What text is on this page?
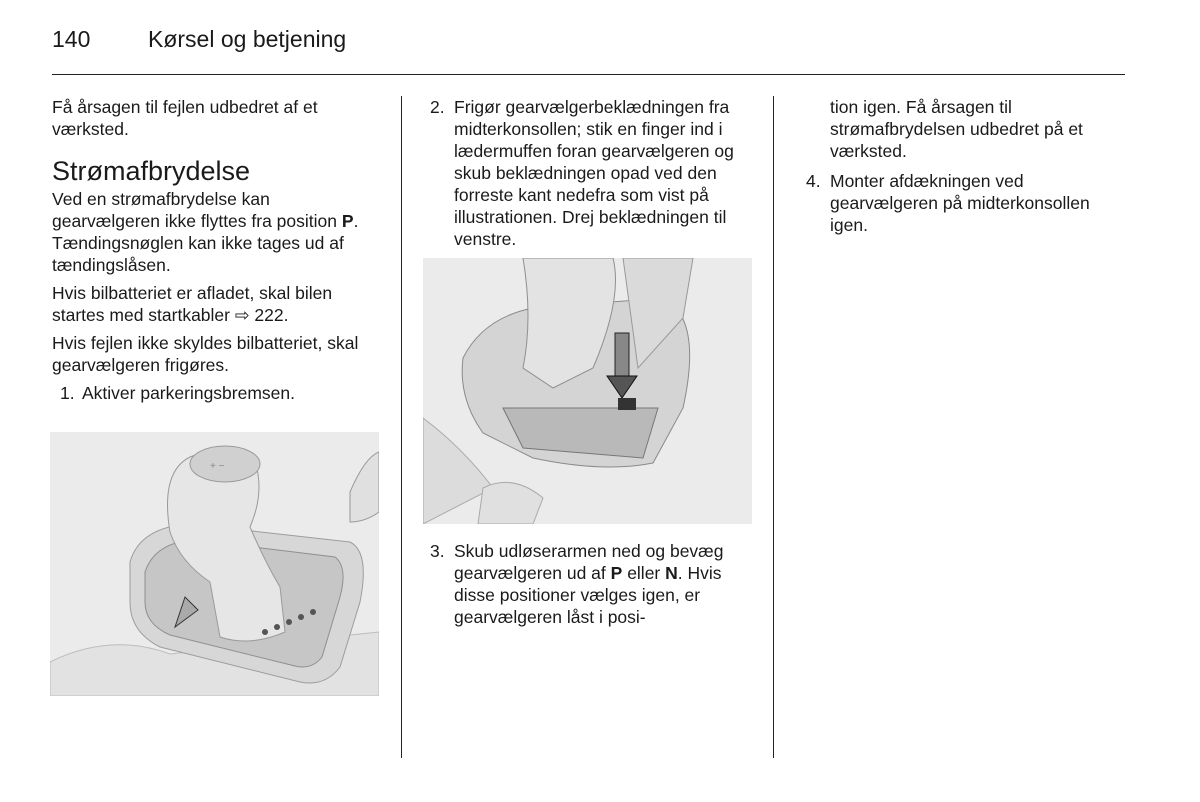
140	Kørsel og betjening

Få årsagen til fejlen udbedret af et værksted.

Strømafbrydelse

Ved en strømafbrydelse kan gearvælgeren ikke flyttes fra position P. Tændingsnøglen kan ikke tages ud af tændingslåsen.

Hvis bilbatteriet er afladet, skal bilen startes med startkabler ⇨ 222.

Hvis fejlen ikke skyldes bilbatteriet, skal gearvælgeren frigøres.

1. Aktiver parkeringsbremsen.
+ −
2. Frigør gearvælgerbeklædningen fra midterkonsollen; stik en finger ind i lædermuffen foran gearvælgeren og skub beklædningen opad ved den forreste kant nedefra som vist på illustrationen. Drej beklædningen til venstre.
3. Skub udløserarmen ned og bevæg gearvælgeren ud af P eller N. Hvis disse positioner vælges igen, er gearvælgeren låst i posi-

tion igen. Få årsagen til strømafbrydelsen udbedret på et værksted.

4. Monter afdækningen ved gearvælgeren på midterkonsollen igen.
